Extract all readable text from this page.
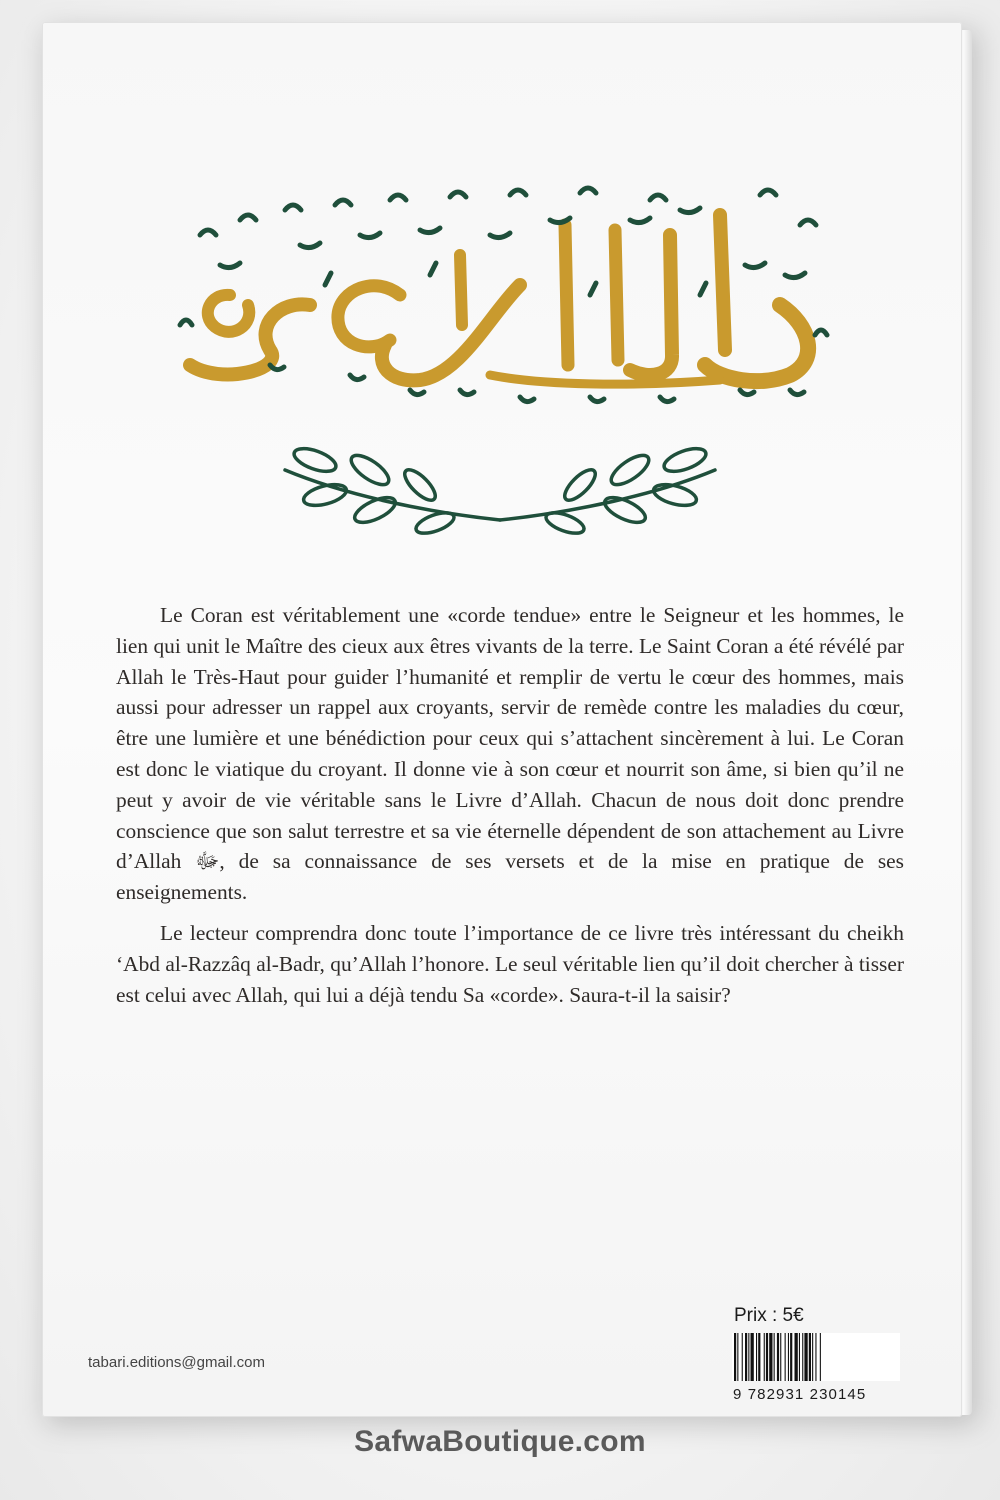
Le Coran est véritablement une «corde tendue» entre le Seigneur et les hommes, le lien qui unit le Maître des cieux aux êtres vivants de la terre. Le Saint Coran a été révélé par Allah le Très-Haut pour guider l’humanité et remplir de vertu le cœur des hommes, mais aussi pour adresser un rappel aux croyants, servir de remède contre les maladies du cœur, être une lumière et une bénédiction pour ceux qui s’attachent sincèrement à lui. Le Coran est donc le viatique du croyant. Il donne vie à son cœur et nourrit son âme, si bien qu’il ne peut y avoir de vie véritable sans le Livre d’Allah. Chacun de nous doit donc prendre conscience que son salut terrestre et sa vie éternelle dépendent de son attachement au Livre d’Allah ﷻ, de sa connaissance de ses versets et de la mise en pratique de ses enseignements.

Le lecteur comprendra donc toute l’importance de ce livre très intéressant du cheikh ‘Abd al-Razzâq al-Badr, qu’Allah l’honore. Le seul véritable lien qu’il doit chercher à tisser est celui avec Allah, qui lui a déjà tendu Sa «corde». Saura-t-il la saisir?

Prix : 5€
9 782931 230145
tabari.editions@gmail.com
SafwaBoutique.com
